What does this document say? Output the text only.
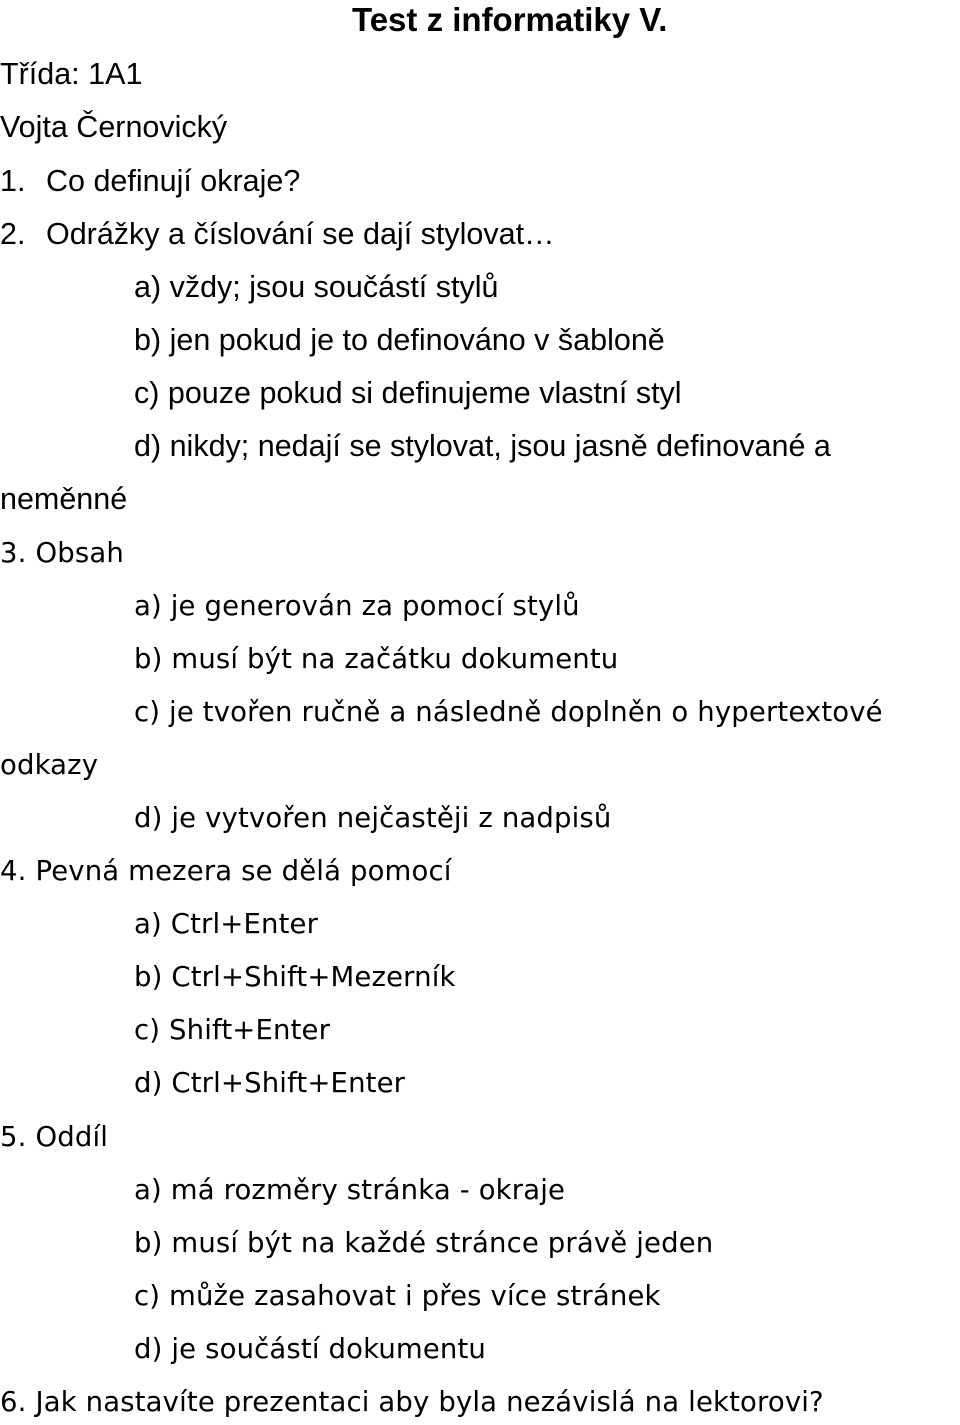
Test z informatiky V.
Třída: 1A1
Vojta Černovický
1. Co definují okraje?
2. Odrážky a číslování se dají stylovat…
a) vždy; jsou součástí stylů
b) jen pokud je to definováno v šabloně
c) pouze pokud si definujeme vlastní styl
d) nikdy; nedají se stylovat, jsou jasně definované a
neměnné
3. Obsah
a) je generován za pomocí stylů
b) musí být na začátku dokumentu
c) je tvořen ručně a následně doplněn o hypertextové
odkazy
d) je vytvořen nejčastěji z nadpisů
4. Pevná mezera se dělá pomocí
a) Ctrl+Enter
b) Ctrl+Shift+Mezerník
c) Shift+Enter
d) Ctrl+Shift+Enter
5. Oddíl
a) má rozměry stránka - okraje
b) musí být na každé stránce právě jeden
c) může zasahovat i přes více stránek
d) je součástí dokumentu
6. Jak nastavíte prezentaci aby byla nezávislá na lektorovi?
